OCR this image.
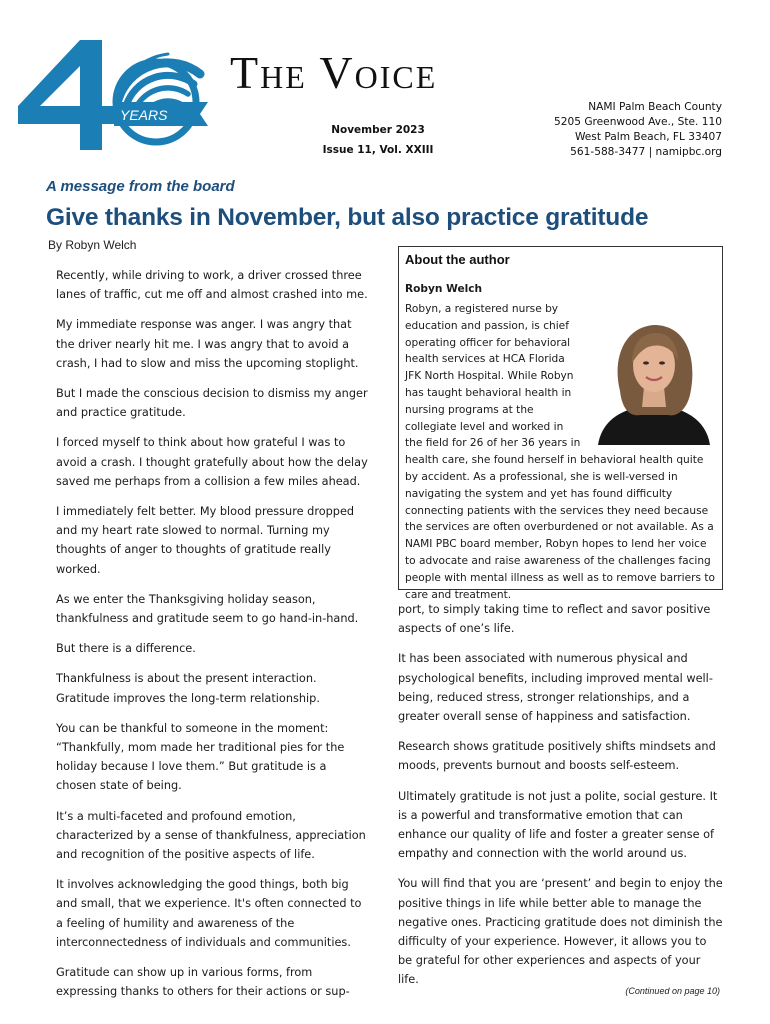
YEARS
The Voice
November 2023
Issue 11, Vol. XXIII
NAMI Palm Beach County
5205 Greenwood Ave., Ste. 110
West Palm Beach, FL 33407
561-588-3477 | namipbc.org
A message from the board
Give thanks in November, but also practice gratitude
By Robyn Welch

Recently, while driving to work, a driver crossed three lanes of traffic, cut me off and almost crashed into me.

My immediate response was anger. I was angry that the driver nearly hit me. I was angry that to avoid a crash, I had to slow and miss the upcoming stoplight.

But I made the conscious decision to dismiss my anger and practice gratitude.

I forced myself to think about how grateful I was to avoid a crash. I thought gratefully about how the delay saved me perhaps from a collision a few miles ahead.

I immediately felt better. My blood pressure dropped and my heart rate slowed to normal. Turning my thoughts of anger to thoughts of gratitude really worked.

As we enter the Thanksgiving holiday season, thankfulness and gratitude seem to go hand-in-hand.

But there is a difference.

Thankfulness is about the present interaction. Gratitude improves the long-term relationship.

You can be thankful to someone in the moment: “Thankfully, mom made her traditional pies for the holiday because I love them.” But gratitude is a chosen state of being.

It’s a multi-faceted and profound emotion, characterized by a sense of thankfulness, appreciation and recognition of the positive aspects of life.

It involves acknowledging the good things, both big and small, that we experience. It's often connected to a feeling of humility and awareness of the interconnectedness of individuals and communities.

Gratitude can show up in various forms, from expressing thanks to others for their actions or sup-

About the author
Robyn Welch
Robyn, a registered nurse by education and passion, is chief operating officer for behavioral health services at HCA Florida JFK North Hospital. While Robyn has taught behavioral health in nursing programs at the collegiate level and worked in the field for 26 of her 36 years in health care, she found herself in behavioral health quite by accident. As a professional, she is well-versed in navigating the system and yet has found difficulty connecting patients with the services they need because the services are often overburdened or not available. As a NAMI PBC board member, Robyn hopes to lend her voice to advocate and raise awareness of the challenges facing people with mental illness as well as to remove barriers to care and treatment.

port, to simply taking time to reflect and savor positive aspects of one’s life.

It has been associated with numerous physical and psychological benefits, including improved mental well-being, reduced stress, stronger relationships, and a greater overall sense of happiness and satisfaction.

Research shows gratitude positively shifts mindsets and moods, prevents burnout and boosts self-esteem.

Ultimately gratitude is not just a polite, social gesture. It is a powerful and transformative emotion that can enhance our quality of life and foster a greater sense of empathy and connection with the world around us.

You will find that you are ‘present’ and begin to enjoy the positive things in life while better able to manage the negative ones. Practicing gratitude does not diminish the difficulty of your experience. However, it allows you to be grateful for other experiences and aspects of your life.

(Continued on page 10)
